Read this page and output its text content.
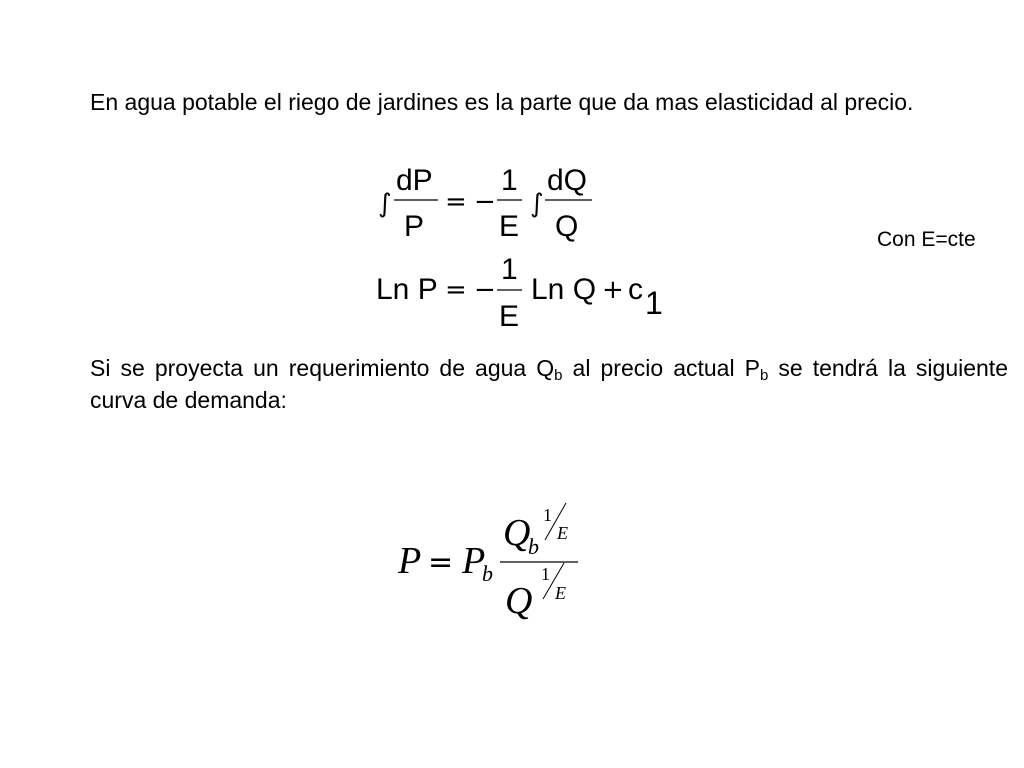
En agua potable el riego de jardines es la parte que da mas elasticidad al precio.
Si se proyecta un requerimiento de agua $Q_b$ al precio actual $P_b$ se tendrá la siguiente curva de demanda:
Con E=cte
∫
dP
P
= −
1
E
∫
dQ
Q
Ln P = −
1
E
Ln Q + c 1
P = P
b
Q
b
1
E
Q
1
E
